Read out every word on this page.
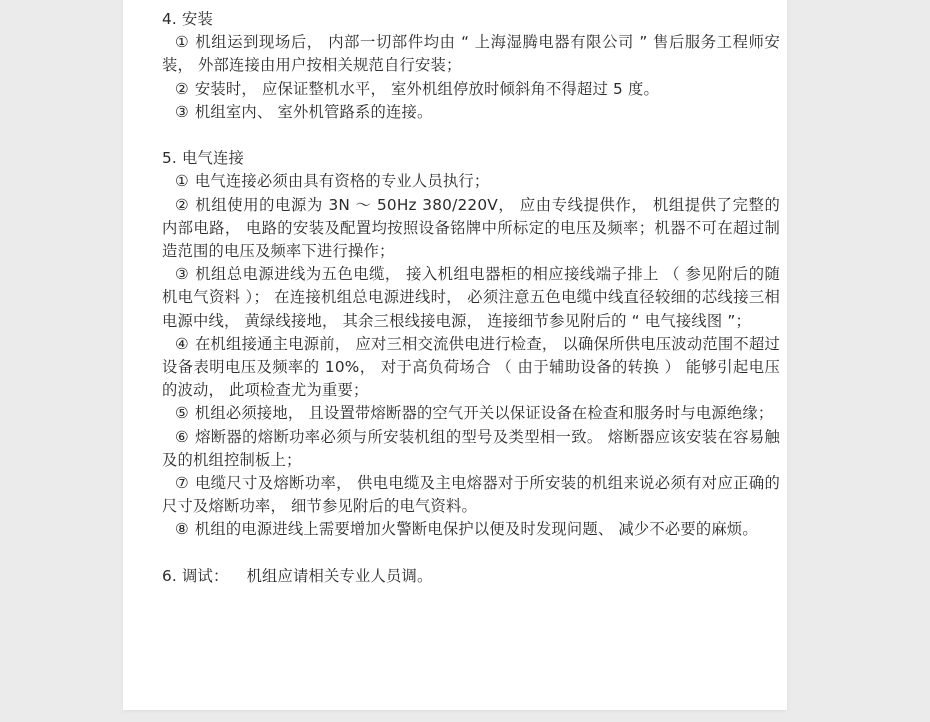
4. 安装

① 机组运到现场后， 内部一切部件均由 “ 上海湿腾电器有限公司 ” 售后服务工程师安装， 外部连接由用户按相关规范自行安装；

② 安装时， 应保证整机水平， 室外机组停放时倾斜角不得超过 5 度。

③ 机组室内、 室外机管路系的连接。

5. 电气连接

① 电气连接必须由具有资格的专业人员执行；

② 机组使用的电源为 3N ～ 50Hz 380/220V， 应由专线提供作， 机组提供了完整的内部电路， 电路的安装及配置均按照设备铭牌中所标定的电压及频率；机器不可在超过制造范围的电压及频率下进行操作；

③ 机组总电源进线为五色电缆， 接入机组电器柜的相应接线端子排上 （ 参见附后的随机电气资料 ）； 在连接机组总电源进线时， 必须注意五色电缆中线直径较细的芯线接三相电源中线， 黄绿线接地， 其余三根线接电源， 连接细节参见附后的 “ 电气接线图 ”；

④ 在机组接通主电源前， 应对三相交流供电进行检查， 以确保所供电压波动范围不超过设备表明电压及频率的 10%， 对于高负荷场合 （ 由于辅助设备的转换 ） 能够引起电压的波动， 此项检查尤为重要；

⑤ 机组必须接地， 且设置带熔断器的空气开关以保证设备在检查和服务时与电源绝缘；

⑥ 熔断器的熔断功率必须与所安装机组的型号及类型相一致。 熔断器应该安装在容易触及的机组控制板上；

⑦ 电缆尺寸及熔断功率， 供电电缆及主电熔器对于所安装的机组来说必须有对应正确的尺寸及熔断功率， 细节参见附后的电气资料。

⑧ 机组的电源进线上需要增加火警断电保护以便及时发现问题、 减少不必要的麻烦。

6. 调试： 机组应请相关专业人员调。
